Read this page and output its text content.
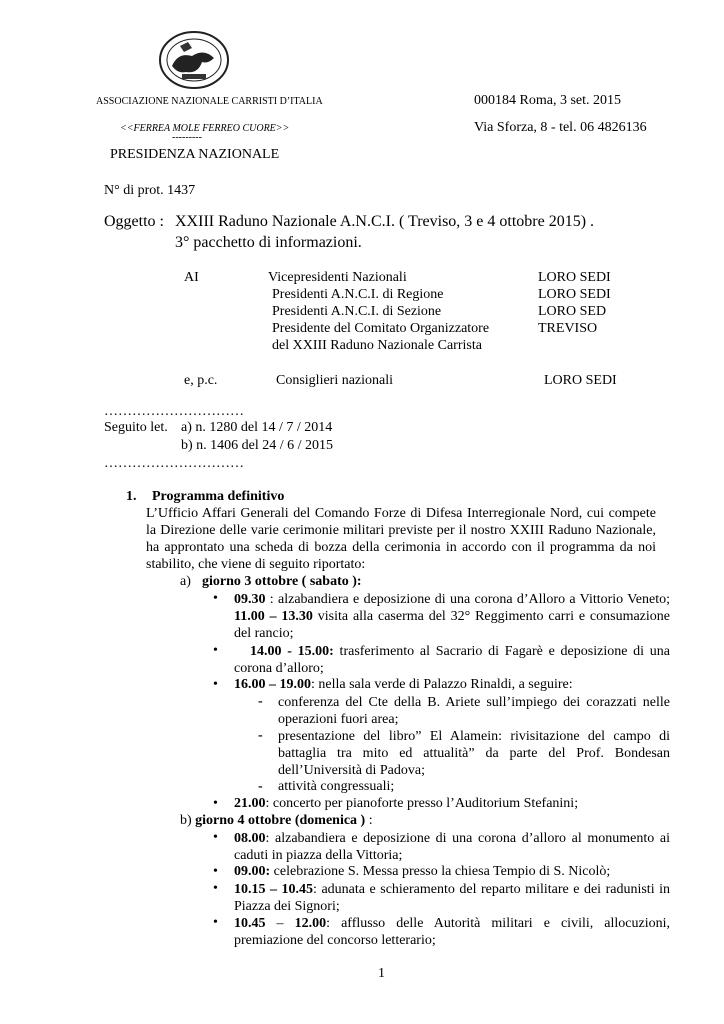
ASSOCIAZIONE NAZIONALE CARRISTI D’ITALIA
<<FERREA MOLE FERREO CUORE>>
---------
PRESIDENZA NAZIONALE
000184 Roma, 3 set. 2015
Via Sforza, 8 - tel. 06 4826136
N° di prot. 1437
Oggetto : XXIII Raduno Nazionale A.N.C.I. ( Treviso, 3 e 4 ottobre 2015) .
3° pacchetto di informazioni.
AI	Vicepresidenti Nazionali	LORO SEDI
Presidenti A.N.C.I. di Regione	LORO SEDI
Presidenti A.N.C.I. di Sezione	LORO SED
Presidente del Comitato Organizzatore	TREVISO
del XXIII Raduno Nazionale Carrista
e, p.c.	Consiglieri nazionali	LORO SEDI
…………………………
Seguito let. a) n. 1280 del 14 / 7 / 2014
b) n. 1406 del 24 / 6 / 2015
…………………………
1. Programma definitivo
L’Ufficio Affari Generali del Comando Forze di Difesa Interregionale Nord, cui compete la Direzione delle varie cerimonie militari previste per il nostro XXIII Raduno Nazionale, ha approntato una scheda di bozza della cerimonia in accordo con il programma da noi stabilito, che viene di seguito riportato:
a) giorno 3 ottobre ( sabato ):
• 09.30 : alzabandiera e deposizione di una corona d’Alloro a Vittorio Veneto; 11.00 – 13.30 visita alla caserma del 32° Reggimento carri e consumazione del rancio;
•	14.00 - 15.00: trasferimento al Sacrario di Fagarè e deposizione di una corona d’alloro;
• 16.00 – 19.00: nella sala verde di Palazzo Rinaldi, a seguire:
- conferenza del Cte della B. Ariete sull’impiego dei corazzati nelle operazioni fuori area;
- presentazione del libro” El Alamein: rivisitazione del campo di battaglia tra mito ed attualità” da parte del Prof. Bondesan dell’Università di Padova;
- attività congressuali;
• 21.00: concerto per pianoforte presso l’Auditorium Stefanini;
b) giorno 4 ottobre (domenica ) :
• 08.00: alzabandiera e deposizione di una corona d’alloro al monumento ai caduti in piazza della Vittoria;
• 09.00: celebrazione S. Messa presso la chiesa Tempio di S. Nicolò;
• 10.15 – 10.45: adunata e schieramento del reparto militare e dei radunisti in Piazza dei Signori;
• 10.45 – 12.00: afflusso delle Autorità militari e civili, allocuzioni, premiazione del concorso letterario;
1
